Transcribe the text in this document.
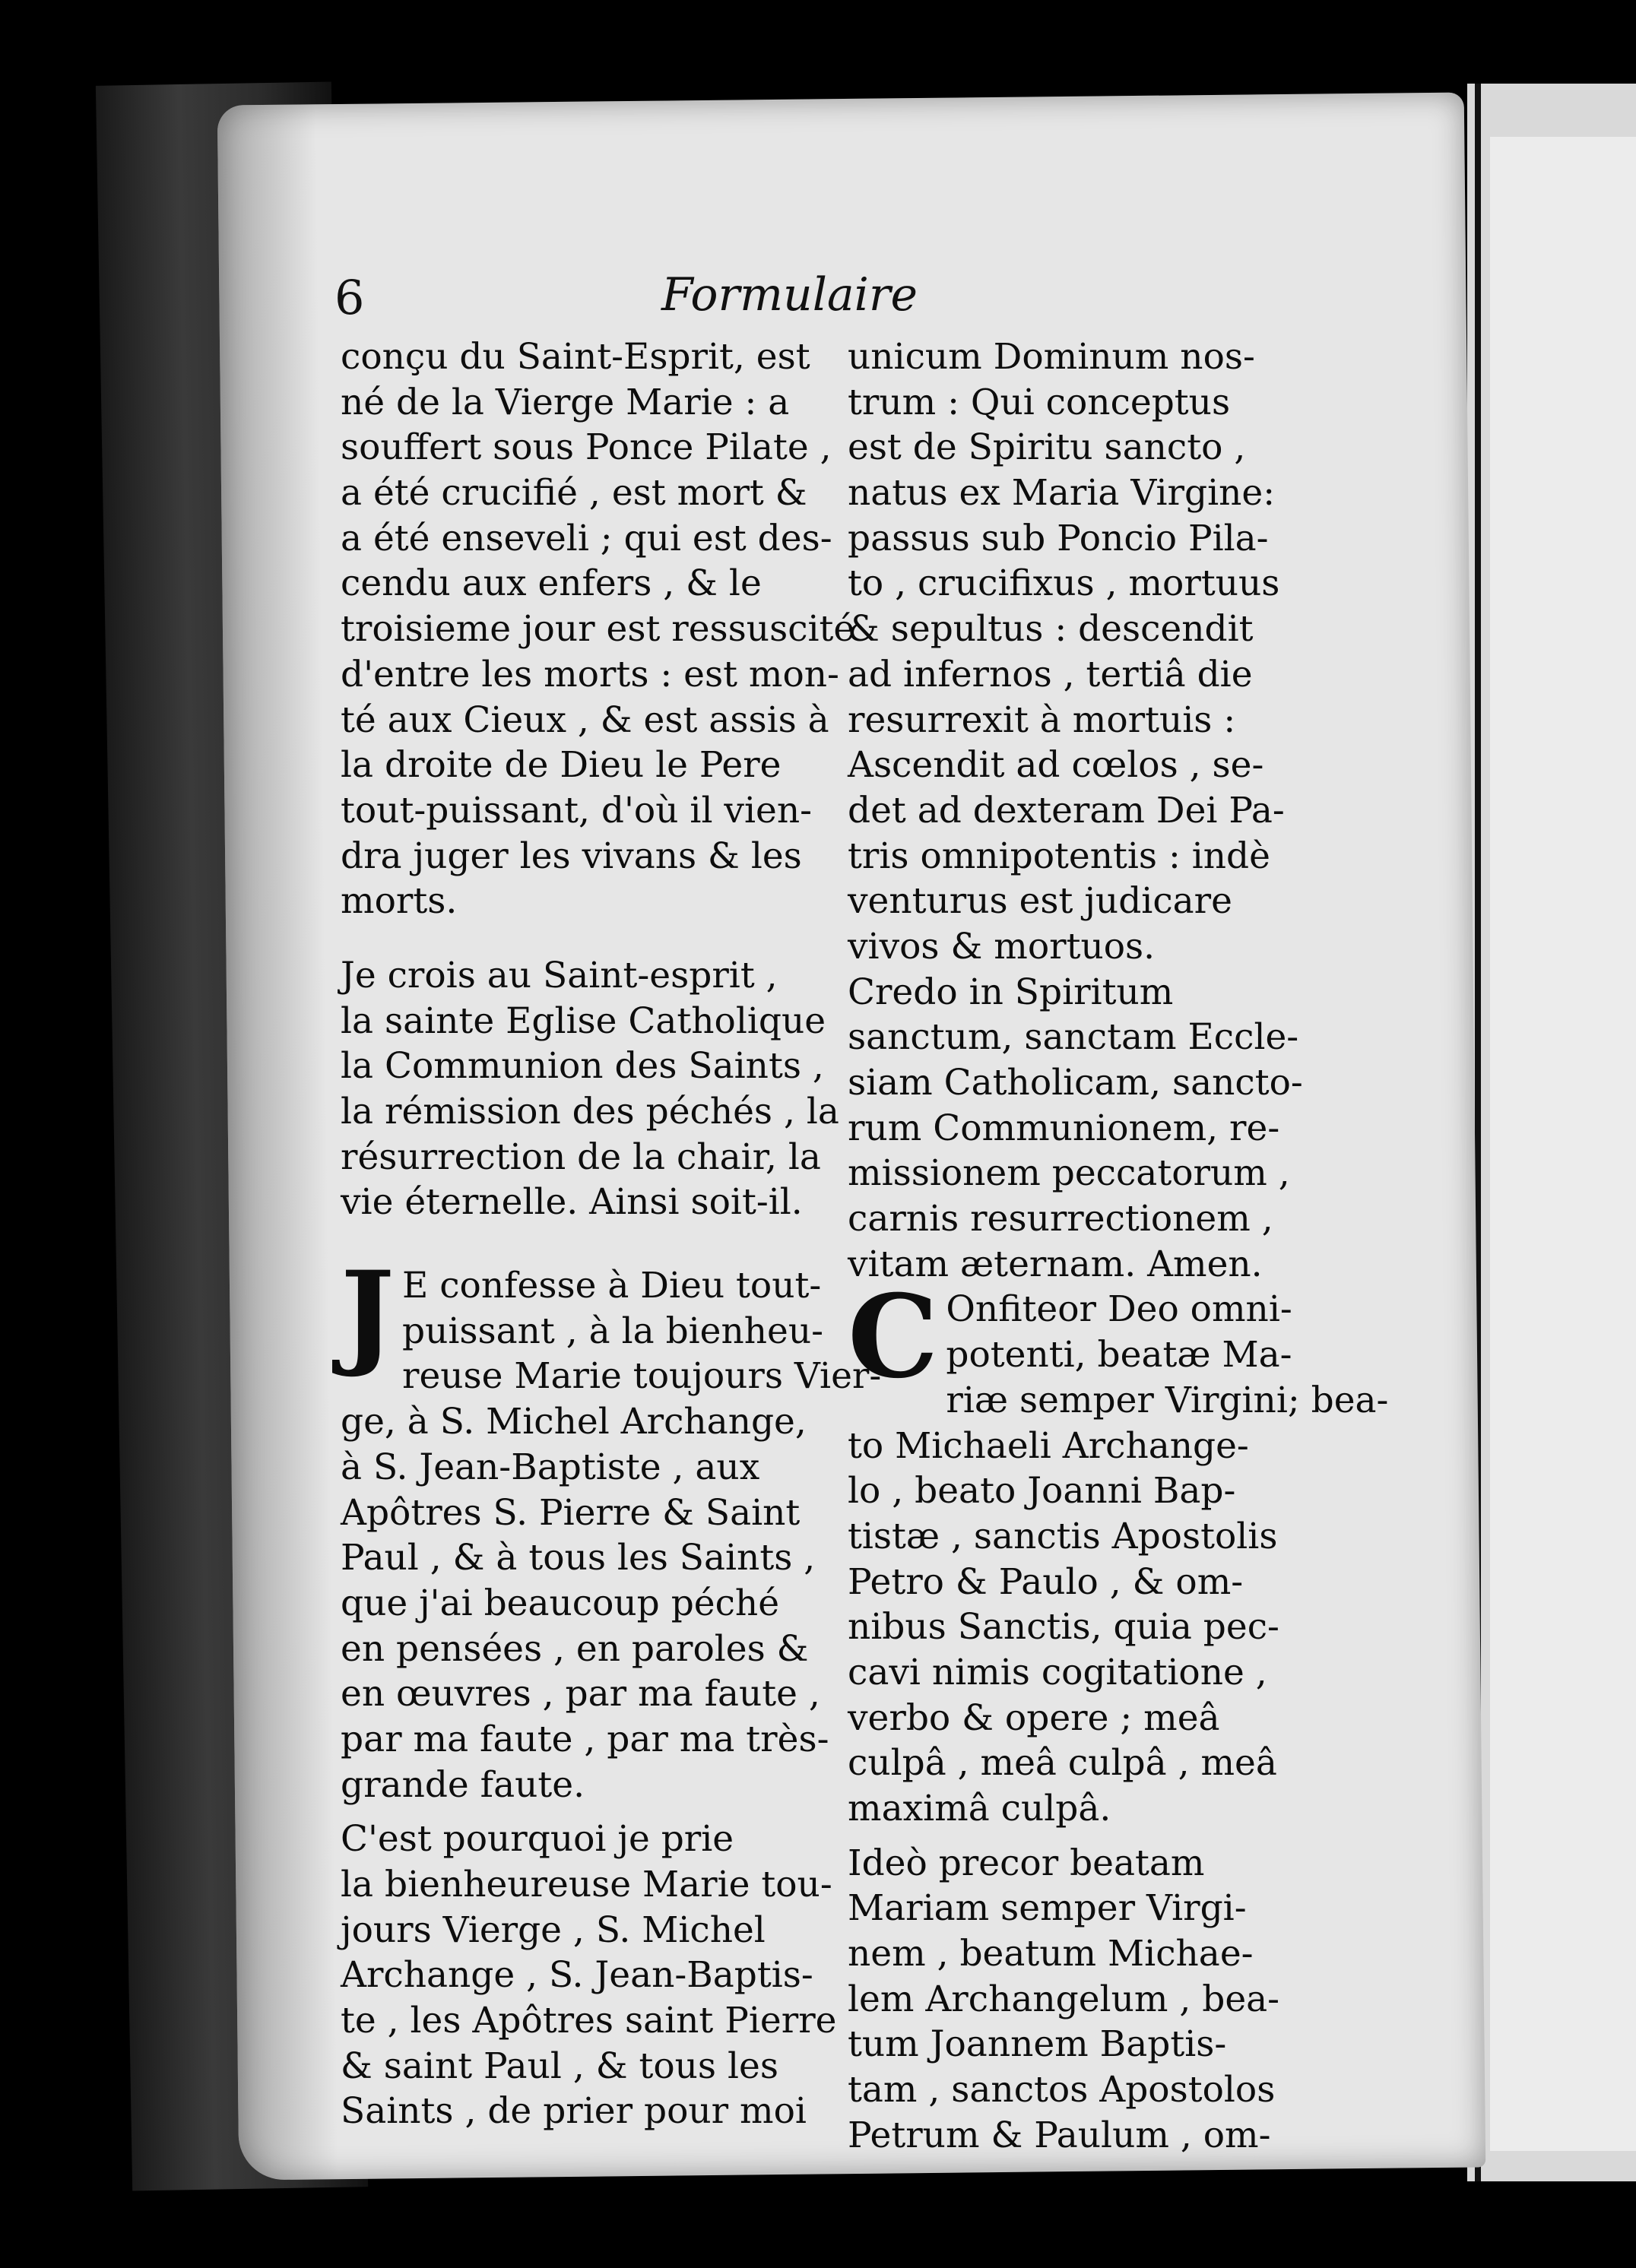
6	Formulaire
conçu du Saint-Esprit, est
né de la Vierge Marie : a
souffert sous Ponce Pilate ,
a été crucifié , est mort &
a été enseveli ; qui est des-
cendu aux enfers , & le
troisieme jour est ressuscité
d'entre les morts : est mon-
té aux Cieux , & est assis à
la droite de Dieu le Pere
tout-puissant, d'où il vien-
dra juger les vivans & les
morts.
Je crois au Saint-esprit ,
la sainte Eglise Catholique
la Communion des Saints ,
la rémission des péchés , la
résurrection de la chair, la
vie éternelle. Ainsi soit-il.
J E confesse à Dieu tout-
puissant , à la bienheu-
reuse Marie toujours Vier-
ge, à S. Michel Archange,
à S. Jean-Baptiste , aux
Apôtres S. Pierre & Saint
Paul , & à tous les Saints ,
que j'ai beaucoup péché
en pensées , en paroles &
en œuvres , par ma faute ,
par ma faute , par ma très-
grande faute.
C'est pourquoi je prie
la bienheureuse Marie tou-
jours Vierge , S. Michel
Archange , S. Jean-Baptis-
te , les Apôtres saint Pierre
& saint Paul , & tous les
Saints , de prier pour moi
unicum Dominum nos-
trum : Qui conceptus
est de Spiritu sancto ,
natus ex Maria Virgine:
passus sub Poncio Pila-
to , crucifixus , mortuus
& sepultus : descendit
ad infernos , tertiâ die
resurrexit à mortuis :
Ascendit ad cœlos , se-
det ad dexteram Dei Pa-
tris omnipotentis : indè
venturus est judicare
vivos & mortuos.
Credo in Spiritum
sanctum, sanctam Eccle-
siam Catholicam, sancto-
rum Communionem, re-
missionem peccatorum ,
carnis resurrectionem ,
vitam æternam. Amen.
C Onfiteor Deo omni-
potenti, beatæ Ma-
riæ semper Virgini; bea-
to Michaeli Archange-
lo , beato Joanni Bap-
tistæ , sanctis Apostolis
Petro & Paulo , & om-
nibus Sanctis, quia pec-
cavi nimis cogitatione ,
verbo & opere ; meâ
culpâ , meâ culpâ , meâ
maximâ culpâ.
Ideò precor beatam
Mariam semper Virgi-
nem , beatum Michae-
lem Archangelum , bea-
tum Joannem Baptis-
tam , sanctos Apostolos
Petrum & Paulum , om-
